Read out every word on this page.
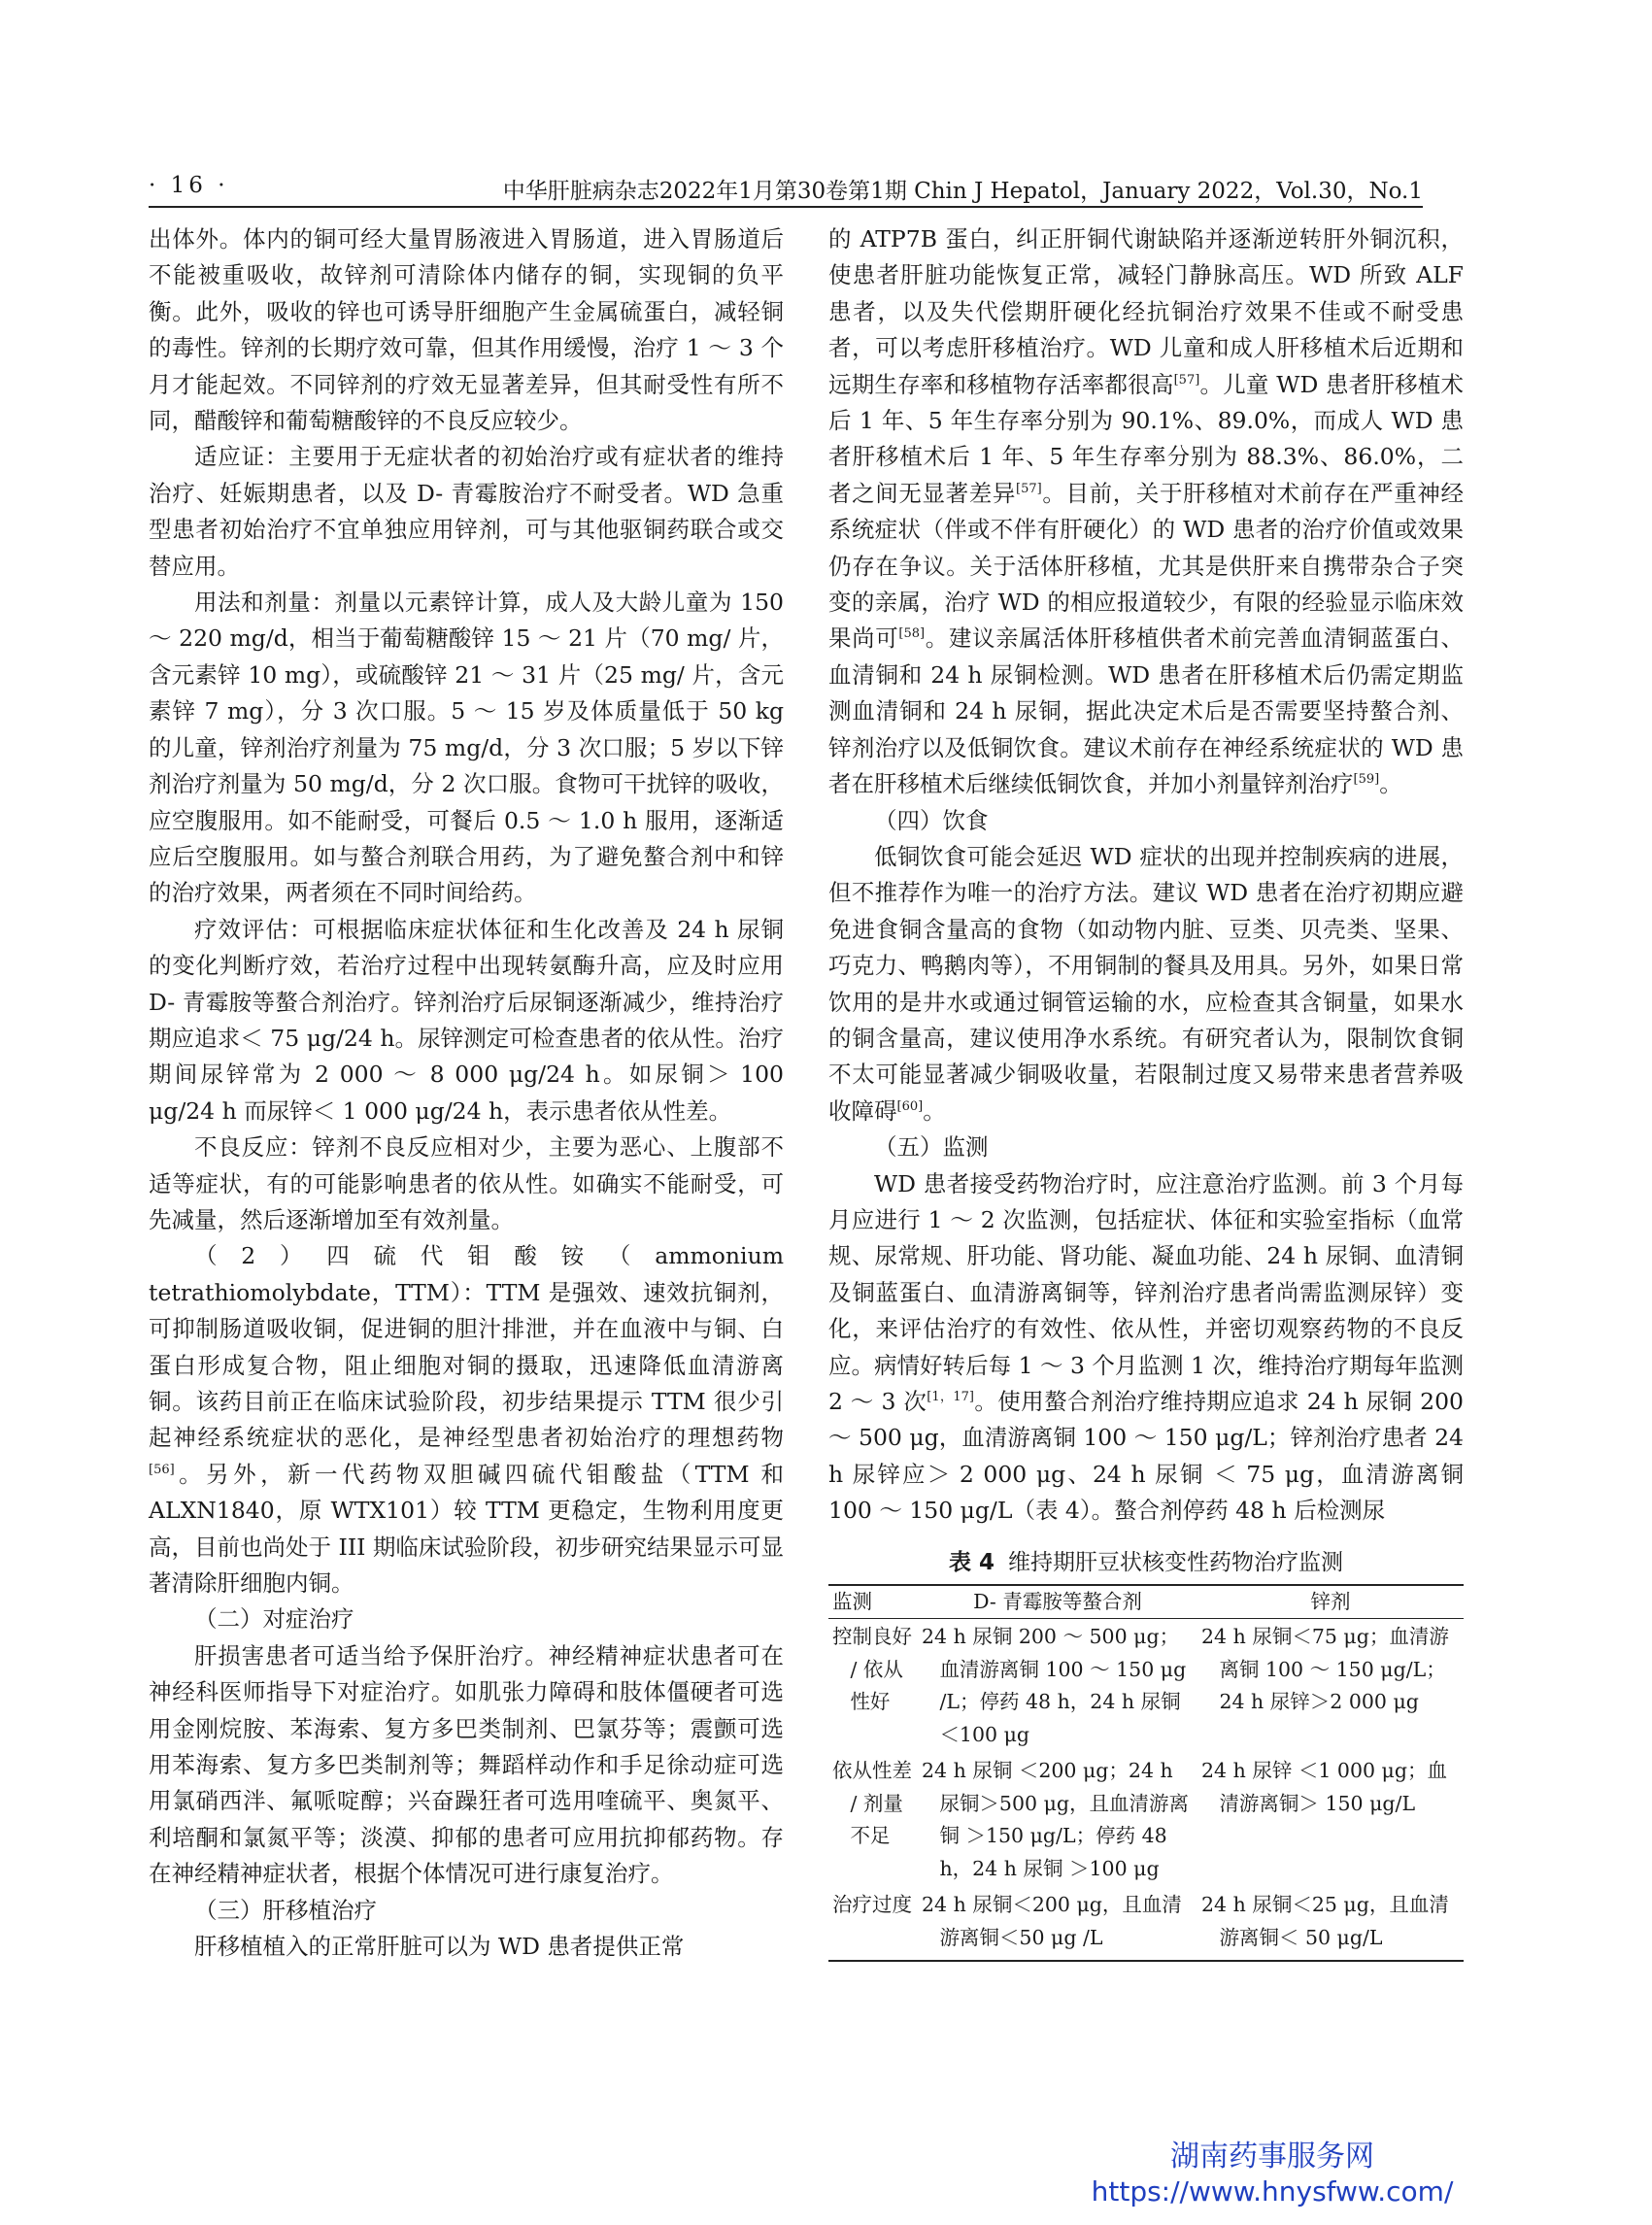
· 16 ·	中华肝脏病杂志2022年1月第30卷第1期 Chin J Hepatol，January 2022，Vol.30，No.1

出体外。体内的铜可经大量胃肠液进入胃肠道，进入胃肠道后不能被重吸收，故锌剂可清除体内储存的铜，实现铜的负平衡。此外，吸收的锌也可诱导肝细胞产生金属硫蛋白，减轻铜的毒性。锌剂的长期疗效可靠，但其作用缓慢，治疗 1 ～ 3 个月才能起效。不同锌剂的疗效无显著差异，但其耐受性有所不同，醋酸锌和葡萄糖酸锌的不良反应较少。

适应证：主要用于无症状者的初始治疗或有症状者的维持治疗、妊娠期患者，以及 D- 青霉胺治疗不耐受者。WD 急重型患者初始治疗不宜单独应用锌剂，可与其他驱铜药联合或交替应用。

用法和剂量：剂量以元素锌计算，成人及大龄儿童为 150 ～ 220 mg/d，相当于葡萄糖酸锌 15 ～ 21 片（70 mg/ 片，含元素锌 10 mg），或硫酸锌 21 ～ 31 片（25 mg/ 片，含元素锌 7 mg），分 3 次口服。5 ～ 15 岁及体质量低于 50 kg 的儿童，锌剂治疗剂量为 75 mg/d，分 3 次口服；5 岁以下锌剂治疗剂量为 50 mg/d，分 2 次口服。食物可干扰锌的吸收，应空腹服用。如不能耐受，可餐后 0.5 ～ 1.0 h 服用，逐渐适应后空腹服用。如与螯合剂联合用药，为了避免螯合剂中和锌的治疗效果，两者须在不同时间给药。

疗效评估：可根据临床症状体征和生化改善及 24 h 尿铜的变化判断疗效，若治疗过程中出现转氨酶升高，应及时应用 D- 青霉胺等螯合剂治疗。锌剂治疗后尿铜逐渐减少，维持治疗期应追求＜ 75 μg/24 h。尿锌测定可检查患者的依从性。治疗期间尿锌常为 2 000 ～ 8 000 μg/24 h。如尿铜＞ 100 μg/24 h 而尿锌＜ 1 000 μg/24 h，表示患者依从性差。

不良反应：锌剂不良反应相对少，主要为恶心、上腹部不适等症状，有的可能影响患者的依从性。如确实不能耐受，可先减量，然后逐渐增加至有效剂量。

（2）四硫代钼酸铵（ammonium tetrathiomolybdate，TTM）：TTM 是强效、速效抗铜剂，可抑制肠道吸收铜，促进铜的胆汁排泄，并在血液中与铜、白蛋白形成复合物，阻止细胞对铜的摄取，迅速降低血清游离铜。该药目前正在临床试验阶段，初步结果提示 TTM 很少引起神经系统症状的恶化，是神经型患者初始治疗的理想药物[56]。另外，新一代药物双胆碱四硫代钼酸盐（TTM 和 ALXN1840，原 WTX101）较 TTM 更稳定，生物利用度更高，目前也尚处于 III 期临床试验阶段，初步研究结果显示可显著清除肝细胞内铜。

（二）对症治疗

肝损害患者可适当给予保肝治疗。神经精神症状患者可在神经科医师指导下对症治疗。如肌张力障碍和肢体僵硬者可选用金刚烷胺、苯海索、复方多巴类制剂、巴氯芬等；震颤可选用苯海索、复方多巴类制剂等；舞蹈样动作和手足徐动症可选用氯硝西泮、氟哌啶醇；兴奋躁狂者可选用喹硫平、奥氮平、利培酮和氯氮平等；淡漠、抑郁的患者可应用抗抑郁药物。存在神经精神症状者，根据个体情况可进行康复治疗。

（三）肝移植治疗

肝移植植入的正常肝脏可以为 WD 患者提供正常

的 ATP7B 蛋白，纠正肝铜代谢缺陷并逐渐逆转肝外铜沉积，使患者肝脏功能恢复正常，减轻门静脉高压。WD 所致 ALF 患者，以及失代偿期肝硬化经抗铜治疗效果不佳或不耐受患者，可以考虑肝移植治疗。WD 儿童和成人肝移植术后近期和远期生存率和移植物存活率都很高[57]。儿童 WD 患者肝移植术后 1 年、5 年生存率分别为 90.1%、89.0%，而成人 WD 患者肝移植术后 1 年、5 年生存率分别为 88.3%、86.0%，二者之间无显著差异[57]。目前，关于肝移植对术前存在严重神经系统症状（伴或不伴有肝硬化）的 WD 患者的治疗价值或效果仍存在争议。关于活体肝移植，尤其是供肝来自携带杂合子突变的亲属，治疗 WD 的相应报道较少，有限的经验显示临床效果尚可[58]。建议亲属活体肝移植供者术前完善血清铜蓝蛋白、血清铜和 24 h 尿铜检测。WD 患者在肝移植术后仍需定期监测血清铜和 24 h 尿铜，据此决定术后是否需要坚持螯合剂、锌剂治疗以及低铜饮食。建议术前存在神经系统症状的 WD 患者在肝移植术后继续低铜饮食，并加小剂量锌剂治疗[59]。

（四）饮食

低铜饮食可能会延迟 WD 症状的出现并控制疾病的进展，但不推荐作为唯一的治疗方法。建议 WD 患者在治疗初期应避免进食铜含量高的食物（如动物内脏、豆类、贝壳类、坚果、巧克力、鸭鹅肉等），不用铜制的餐具及用具。另外，如果日常饮用的是井水或通过铜管运输的水，应检查其含铜量，如果水的铜含量高，建议使用净水系统。有研究者认为，限制饮食铜不太可能显著减少铜吸收量，若限制过度又易带来患者营养吸收障碍[60]。

（五）监测

WD 患者接受药物治疗时，应注意治疗监测。前 3 个月每月应进行 1 ～ 2 次监测，包括症状、体征和实验室指标（血常规、尿常规、肝功能、肾功能、凝血功能、24 h 尿铜、血清铜及铜蓝蛋白、血清游离铜等，锌剂治疗患者尚需监测尿锌）变化，来评估治疗的有效性、依从性，并密切观察药物的不良反应。病情好转后每 1 ～ 3 个月监测 1 次，维持治疗期每年监测 2 ～ 3 次[1，17]。使用螯合剂治疗维持期应追求 24 h 尿铜 200 ～ 500 μg，血清游离铜 100 ～ 150 μg/L；锌剂治疗患者 24 h 尿锌应＞ 2 000 μg、24 h 尿铜 ＜ 75 μg，血清游离铜 100 ～ 150 μg/L（表 4）。螯合剂停药 48 h 后检测尿

表 4 维持期肝豆状核变性药物治疗监测
监测	D- 青霉胺等螯合剂	锌剂

控制良好 / 依从性好	24 h 尿铜 200 ～ 500 μg；血清游离铜 100 ～ 150 μg /L；停药 48 h，24 h 尿铜 ＜100 μg	24 h 尿铜＜75 μg；血清游离铜 100 ～ 150 μg/L；24 h 尿锌＞2 000 μg

依从性差 / 剂量不足	24 h 尿铜 ＜200 μg；24 h 尿铜＞500 μg，且血清游离铜 ＞150 μg/L；停药 48 h，24 h 尿铜 ＞100 μg	24 h 尿锌 ＜1 000 μg；血清游离铜＞ 150 μg/L

治疗过度	24 h 尿铜＜200 μg，且血清游离铜＜50 μg /L	24 h 尿铜＜25 μg，且血清游离铜＜ 50 μg/L
湖南药事服务网
https://www.hnysfww.com/
